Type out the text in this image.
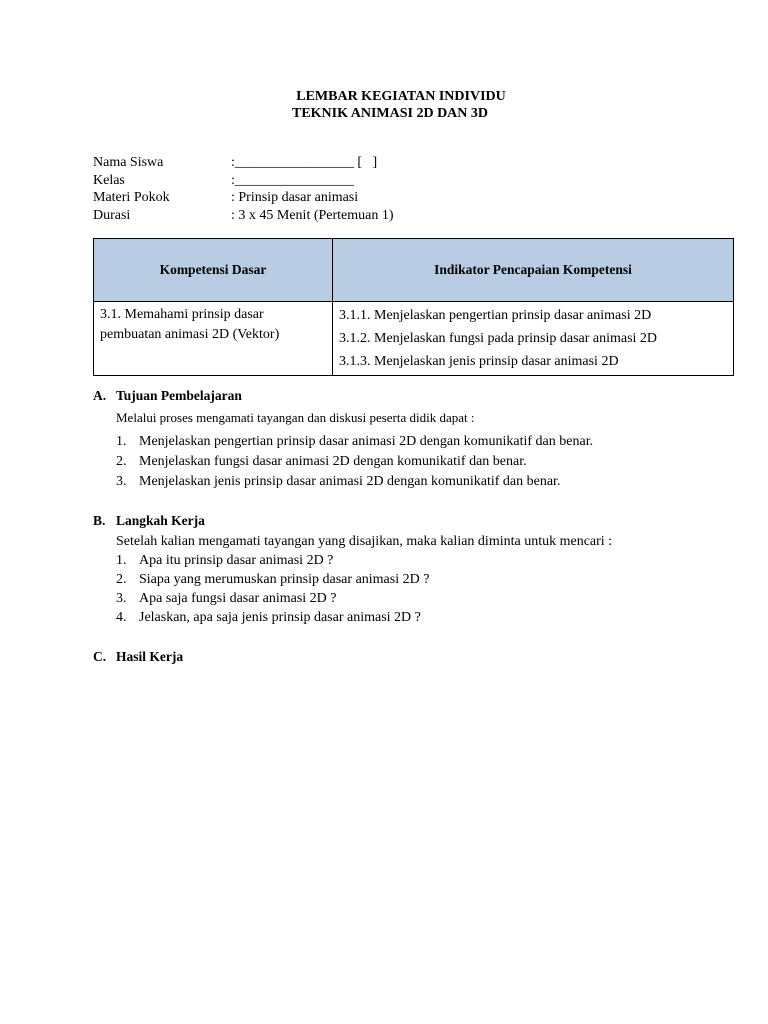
LEMBAR KEGIATAN INDIVIDU
TEKNIK ANIMASI 2D DAN 3D
Nama Siswa	:_________________ [   ]
Kelas	:_________________
Materi Pokok	: Prinsip dasar animasi
Durasi	: 3 x 45 Menit (Pertemuan 1)
Kompetensi Dasar	Indikator Pencapaian Kompetensi
3.1. Memahami prinsip dasar pembuatan animasi 2D (Vektor)	3.1.1. Menjelaskan pengertian prinsip dasar animasi 2D
3.1.2. Menjelaskan fungsi pada prinsip dasar animasi 2D
3.1.3. Menjelaskan jenis prinsip dasar animasi 2D
A. Tujuan Pembelajaran
Melalui proses mengamati tayangan dan diskusi peserta didik dapat :
1. Menjelaskan pengertian prinsip dasar animasi 2D dengan komunikatif dan benar.
2. Menjelaskan fungsi dasar animasi 2D dengan komunikatif dan benar.
3. Menjelaskan jenis prinsip dasar animasi 2D dengan komunikatif dan benar.
B. Langkah Kerja
Setelah kalian mengamati tayangan yang disajikan, maka kalian diminta untuk mencari :
1. Apa itu prinsip dasar animasi 2D ?
2. Siapa yang merumuskan prinsip dasar animasi 2D ?
3. Apa saja fungsi dasar animasi 2D ?
4. Jelaskan, apa saja jenis prinsip dasar animasi 2D ?
C. Hasil Kerja
